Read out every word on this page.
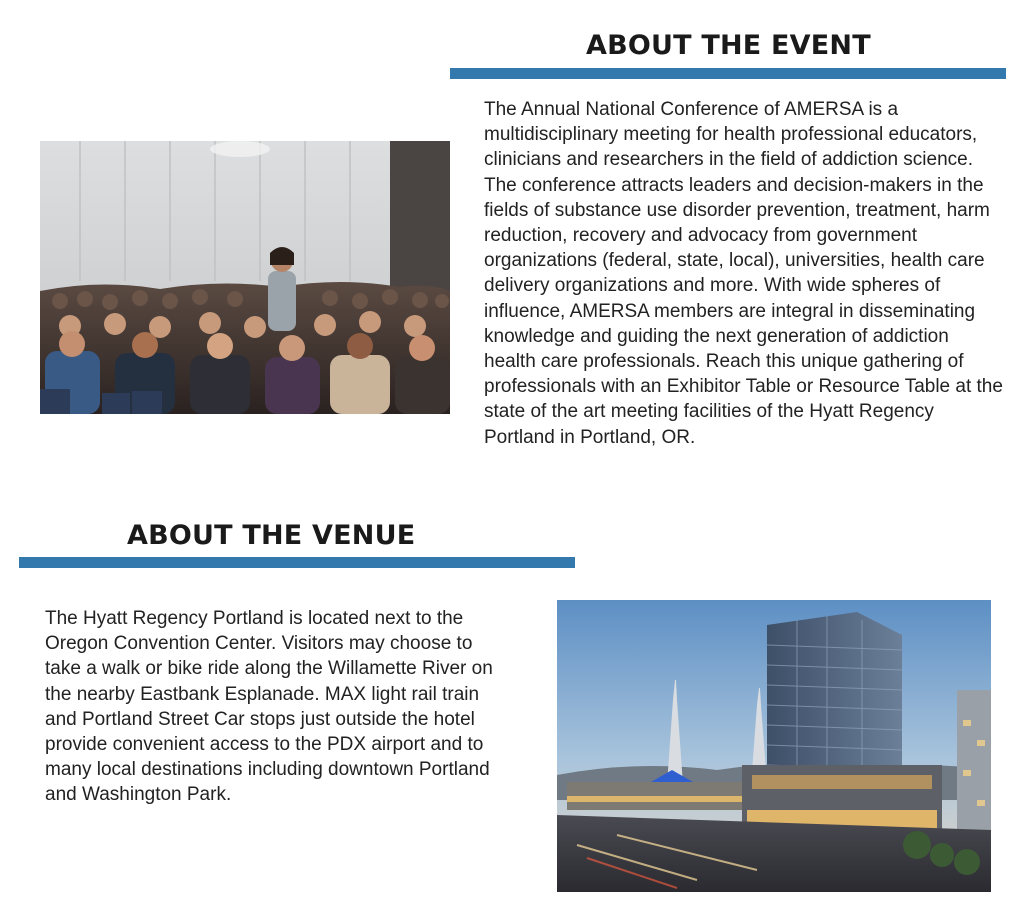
ABOUT THE EVENT

The Annual National Conference of AMERSA is a multidisciplinary meeting for health professional educators, clinicians and researchers in the field of addiction science. The conference attracts leaders and decision-makers in the fields of substance use disorder prevention, treatment, harm reduction, recovery and advocacy from government organizations (federal, state, local), universities, health care delivery organizations and more. With wide spheres of influence, AMERSA members are integral in disseminating knowledge and guiding the next generation of addiction health care professionals. Reach this unique gathering of professionals with an Exhibitor Table or Resource Table at the state of the art meeting facilities of the Hyatt Regency Portland in Portland, OR.

ABOUT THE VENUE

The Hyatt Regency Portland is located next to the Oregon Convention Center. Visitors may choose to take a walk or bike ride along the Willamette River on the nearby Eastbank Esplanade. MAX light rail train and Portland Street Car stops just outside the hotel provide convenient access to the PDX airport and to many local destinations including downtown Portland and Washington Park.
